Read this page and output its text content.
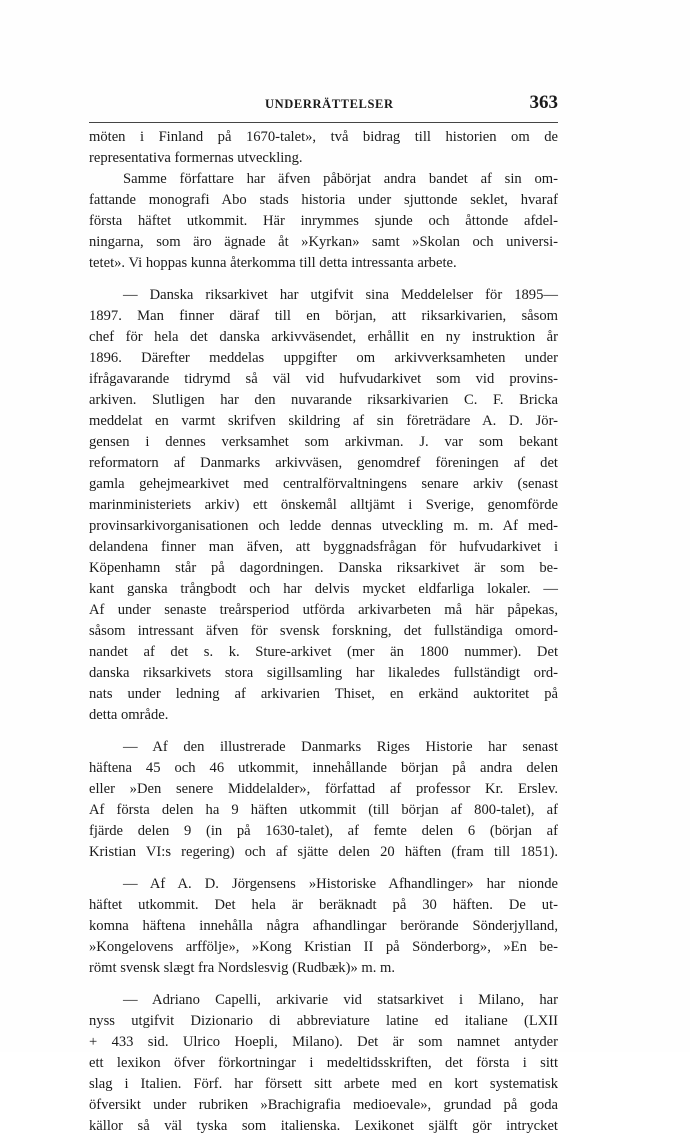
UNDERRÄTTELSER	363
möten i Finland på 1670-talet», två bidrag till historien om de
representativa formernas utveckling.
Samme författare har äfven påbörjat andra bandet af sin om-
fattande monografi Abo stads historia under sjuttonde seklet, hvaraf
första häftet utkommit. Här inrymmes sjunde och åttonde afdel-
ningarna, som äro ägnade åt »Kyrkan» samt »Skolan och universi-
tetet». Vi hoppas kunna återkomma till detta intressanta arbete.
— Danska riksarkivet har utgifvit sina Meddelelser för 1895—
1897. Man finner däraf till en början, att riksarkivarien, såsom
chef för hela det danska arkivväsendet, erhållit en ny instruktion år
1896. Därefter meddelas uppgifter om arkivverksamheten under
ifrågavarande tidrymd så väl vid hufvudarkivet som vid provins-
arkiven. Slutligen har den nuvarande riksarkivarien C. F. Bricka
meddelat en varmt skrifven skildring af sin företrädare A. D. Jör-
gensen i dennes verksamhet som arkivman. J. var som bekant
reformatorn af Danmarks arkivväsen, genomdref föreningen af det
gamla gehejmearkivet med centralförvaltningens senare arkiv (senast
marinministeriets arkiv) ett önskemål alltjämt i Sverige, genomförde
provinsarkivorganisationen och ledde dennas utveckling m. m. Af med-
delandena finner man äfven, att byggnadsfrågan för hufvudarkivet i
Köpenhamn står på dagordningen. Danska riksarkivet är som be-
kant ganska trångbodt och har delvis mycket eldfarliga lokaler. —
Af under senaste treårsperiod utförda arkivarbeten må här påpekas,
såsom intressant äfven för svensk forskning, det fullständiga omord-
nandet af det s. k. Sture-arkivet (mer än 1800 nummer). Det
danska riksarkivets stora sigillsamling har likaledes fullständigt ord-
nats under ledning af arkivarien Thiset, en erkänd auktoritet på
detta område.
— Af den illustrerade Danmarks Riges Historie har senast
häftena 45 och 46 utkommit, innehållande början på andra delen
eller »Den senere Middelalder», författad af professor Kr. Erslev.
Af första delen ha 9 häften utkommit (till början af 800-talet), af
fjärde delen 9 (in på 1630-talet), af femte delen 6 (början af
Kristian VI:s regering) och af sjätte delen 20 häften (fram till 1851).
— Af A. D. Jörgensens »Historiske Afhandlinger» har nionde
häftet utkommit. Det hela är beräknadt på 30 häften. De ut-
komna häftena innehålla några afhandlingar berörande Sönderjylland,
»Kongelovens arfföljе», »Kong Kristian II på Sönderborg», »En be-
römt svensk slægt fra Nordslesvig (Rudbæk)» m. m.
— Adriano Capelli, arkivarie vid statsarkivet i Milano, har
nyss utgifvit Dizionario di abbreviature latine ed italiane (LXII
+ 433 sid. Ulrico Hoepli, Milano). Det är som namnet antyder
ett lexikon öfver förkortningar i medeltidsskriften, det första i sitt
slag i Italien. Förf. har försett sitt arbete med en kort systematisk
öfversikt under rubriken »Brachigrafia medioevale», grundad på goda
källor så väl tyska som italienska. Lexikonet själft gör intrycket
